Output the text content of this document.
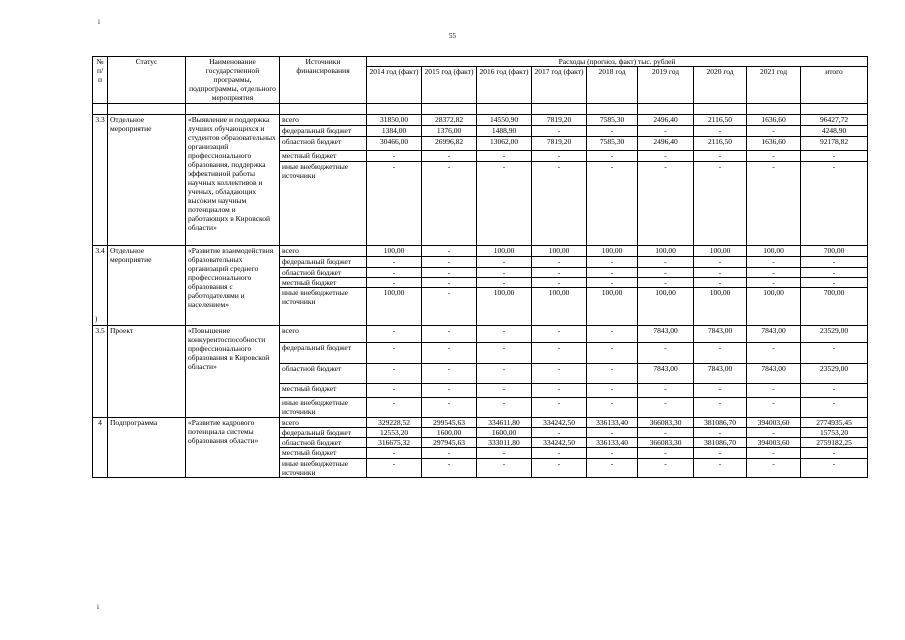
i
55
)
i
№ п/п	Статус	Наименование государственной программы, подпрограммы, отдельного мероприятия	Источники финансирования	Расходы (прогноз, факт) тыс. рублей								
				2014 год (факт)	2015 год (факт)	2016 год (факт)	2017 год (факт)	2018 год	2019 год	2020 год	2021 год	итого

3.3	Отдельное мероприятие	«Выявление и поддержка лучших обучающихся и студентов образовательных организаций профессионального образования, поддержка эффективной работы научных коллективов и ученых, обладающих высоким научным потенциалом и работающих в Кировской области»	всего	31850,00	28372,82	14550,90	7819,20	7585,30	2496,40	2116,50	1636,60	96427,72
			федеральный бюджет	1384,00	1376,00	1488,90	-	-	-	-	-	4248,90
			областной бюджет	30466,00	26996,82	13062,00	7819,20	7585,30	2496,40	2116,50	1636,60	92178,82
			местный бюджет	-	-	-	-	-	-	-	-	-
			иные внебюджетные источники	-	-	-	-	-	-	-	-	-
3.4	Отдельное мероприятие	«Развитие взаимодействия образовательных организаций среднего профессионального образования с работодателями и населением»	всего	100,00	-	100,00	100,00	100,00	100,00	100,00	100,00	700,00
			федеральный бюджет	-	-	-	-	-	-	-	-	-
			областной бюджет	-	-	-	-	-	-	-	-	-
			местный бюджет	-	-	-	-	-	-	-	-	-
			иные внебюджетные источники	100,00	-	100,00	100,00	100,00	100,00	100,00	100,00	700,00
3.5	Проект	«Повышение конкурентоспособности профессионального образования в Кировской области»	всего	-	-	-	-	-	7843,00	7843,00	7843,00	23529,00
			федеральный бюджет	-	-	-	-	-	-	-	-	-
			областной бюджет	-	-	-	-	-	7843,00	7843,00	7843,00	23529,00
			местный бюджет	-	-	-	-	-	-	-	-	-
			иные внебюджетные источники	-	-	-	-	-	-	-	-	-
4	Подпрограмма	«Развитие кадрового потенциала системы образования области»	всего	329228,52	299545,63	334611,80	334242,50	336133,40	366083,30	381086,70	394003,60	2774935,45
			федеральный бюджет	12553,20	1600,00	1600,00	-	-	-	-	-	15753,20
			областной бюджет	316675,32	297945,63	333011,80	334242,50	336133,40	366083,30	381086,70	394003,60	2759182,25
			местный бюджет	-	-	-	-	-	-	-	-	-
			иные внебюджетные источники	-	-	-	-	-	-	-	-	-
